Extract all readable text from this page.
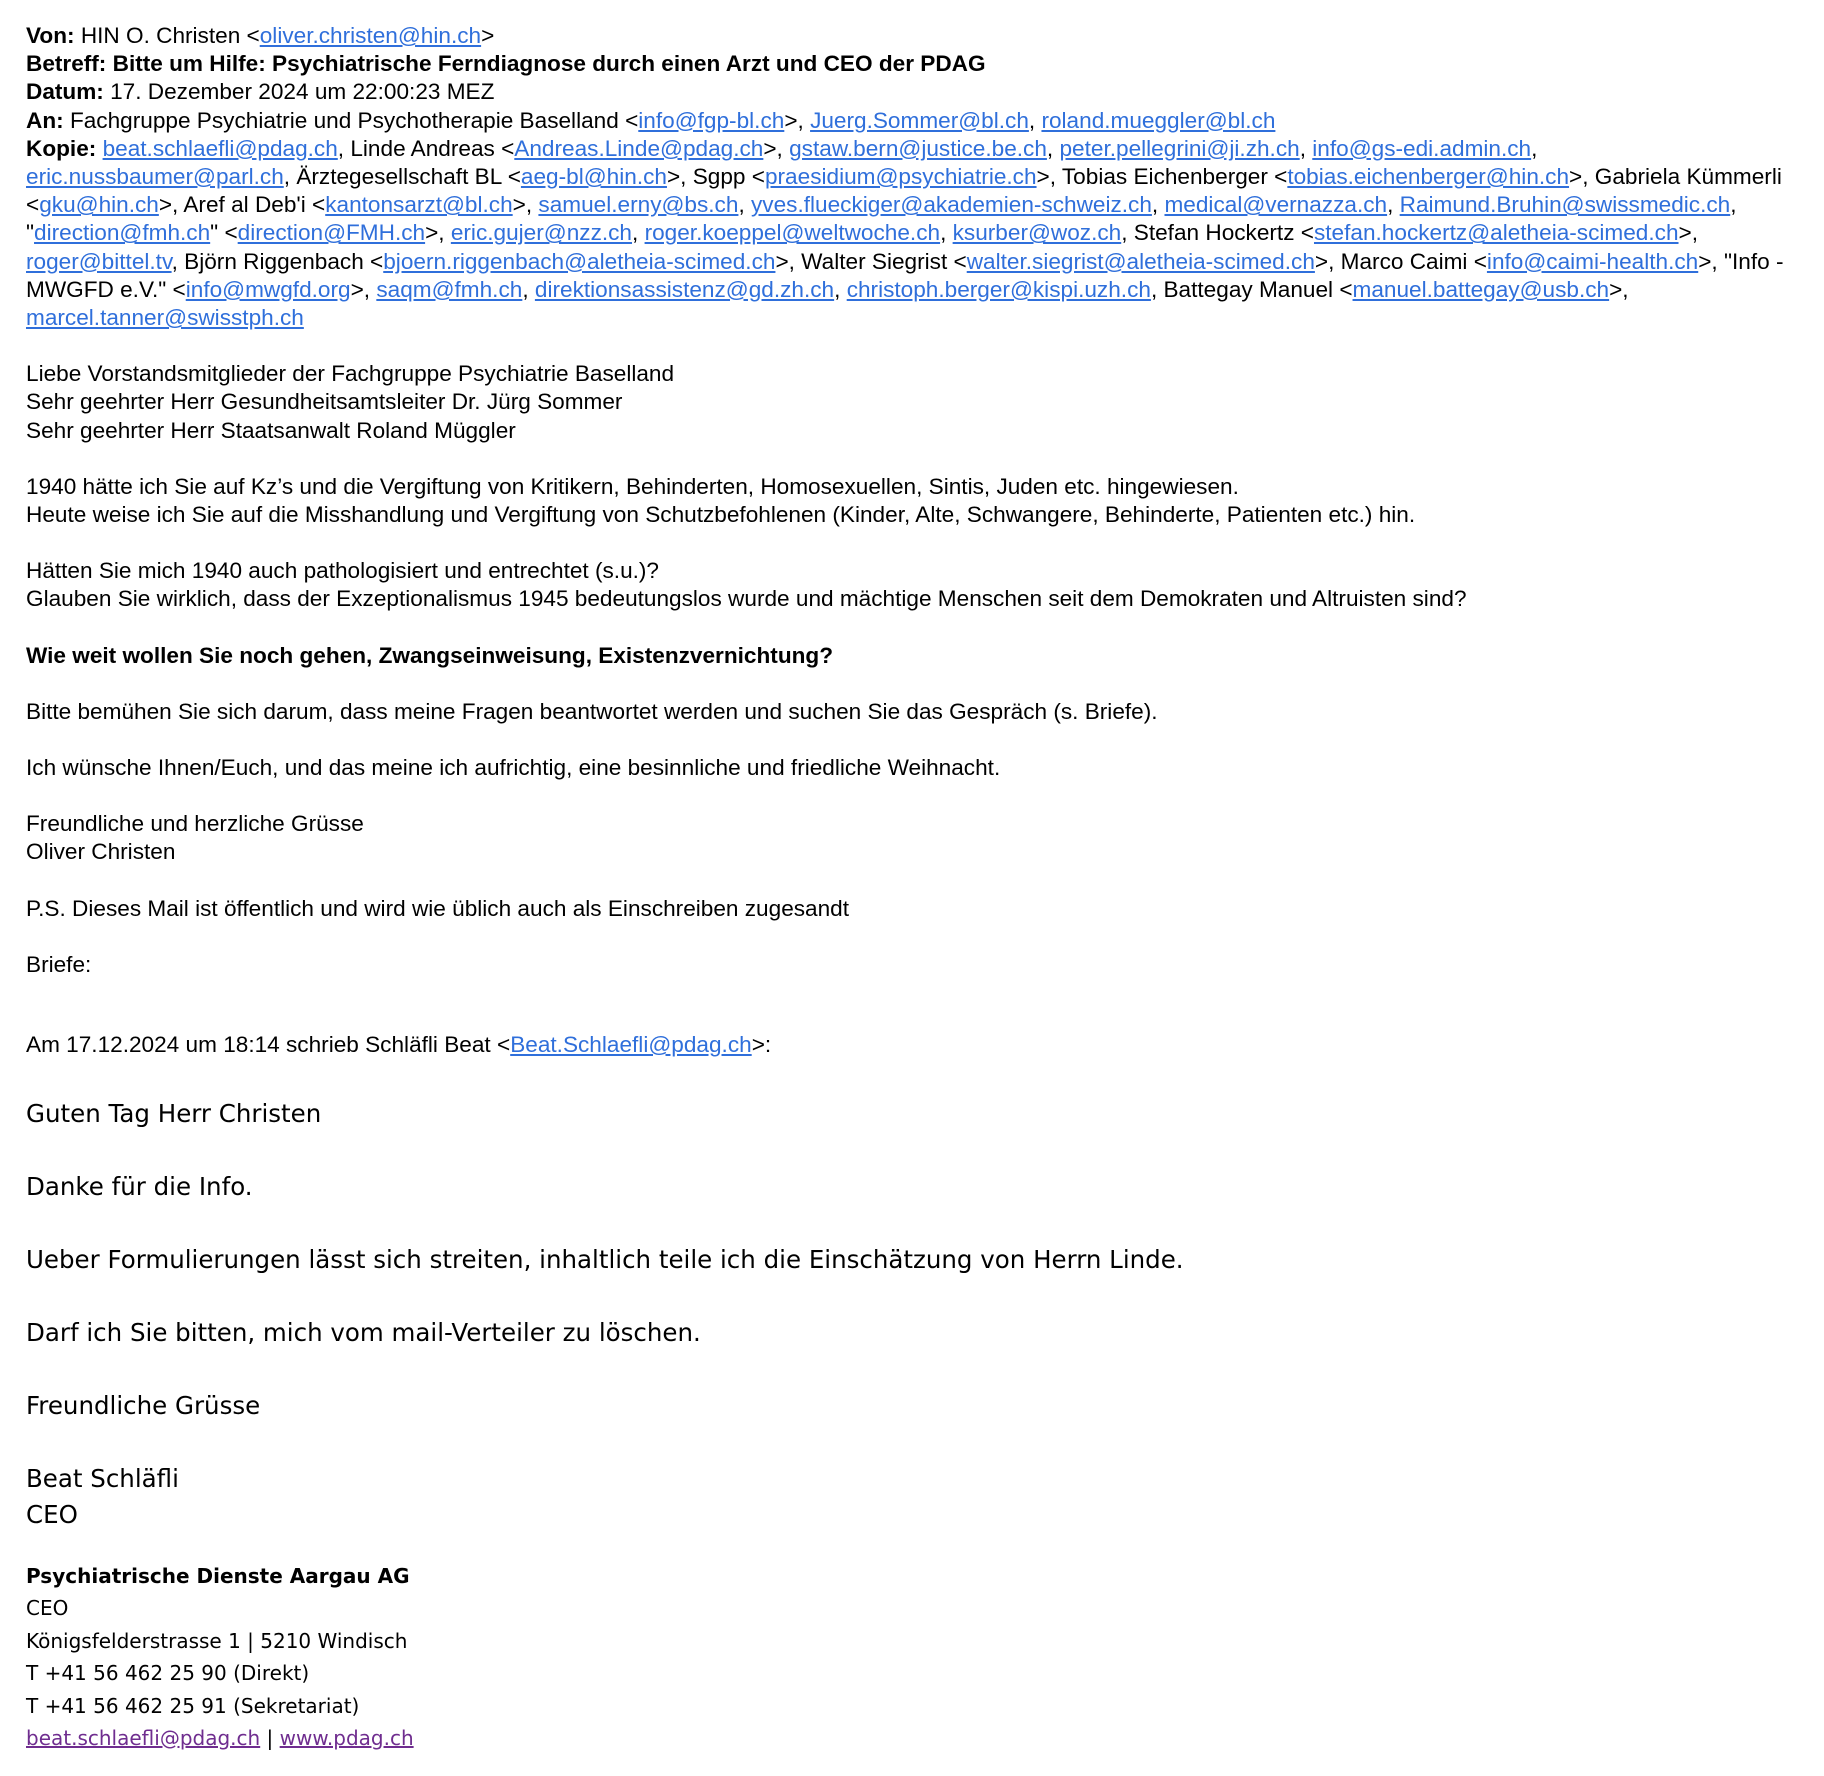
Von: HIN O. Christen <oliver.christen@hin.ch>
Betreff: Bitte um Hilfe: Psychiatrische Ferndiagnose durch einen Arzt und CEO der PDAG
Datum: 17. Dezember 2024 um 22:00:23 MEZ
An: Fachgruppe Psychiatrie und Psychotherapie Baselland <info@fgp-bl.ch>, Juerg.Sommer@bl.ch, roland.mueggler@bl.ch
Kopie: beat.schlaefli@pdag.ch, Linde Andreas <Andreas.Linde@pdag.ch>, gstaw.bern@justice.be.ch, peter.pellegrini@ji.zh.ch, info@gs-edi.admin.ch, eric.nussbaumer@parl.ch, Ärztegesellschaft BL <aeg-bl@hin.ch>, Sgpp <praesidium@psychiatrie.ch>, Tobias Eichenberger <tobias.eichenberger@hin.ch>, Gabriela Kümmerli <gku@hin.ch>, Aref al Deb'i <kantonsarzt@bl.ch>, samuel.erny@bs.ch, yves.flueckiger@akademien-schweiz.ch, medical@vernazza.ch, Raimund.Bruhin@swissmedic.ch, "direction@fmh.ch" <direction@FMH.ch>, eric.gujer@nzz.ch, roger.koeppel@weltwoche.ch, ksurber@woz.ch, Stefan Hockertz <stefan.hockertz@aletheia-scimed.ch>, roger@bittel.tv, Björn Riggenbach <bjoern.riggenbach@aletheia-scimed.ch>, Walter Siegrist <walter.siegrist@aletheia-scimed.ch>, Marco Caimi <info@caimi-health.ch>, "Info - MWGFD e.V." <info@mwgfd.org>, saqm@fmh.ch, direktionsassistenz@gd.zh.ch, christoph.berger@kispi.uzh.ch, Battegay Manuel <manuel.battegay@usb.ch>, marcel.tanner@swisstph.ch
Liebe Vorstandsmitglieder der Fachgruppe Psychiatrie Baselland
Sehr geehrter Herr Gesundheitsamtsleiter Dr. Jürg Sommer
Sehr geehrter Herr Staatsanwalt Roland Müggler
1940 hätte ich Sie auf Kz’s und die Vergiftung von Kritikern, Behinderten, Homosexuellen, Sintis, Juden etc. hingewiesen.
Heute weise ich Sie auf die Misshandlung und Vergiftung von Schutzbefohlenen (Kinder, Alte, Schwangere, Behinderte, Patienten etc.) hin.
Hätten Sie mich 1940 auch pathologisiert und entrechtet (s.u.)?
Glauben Sie wirklich, dass der Exzeptionalismus 1945 bedeutungslos wurde und mächtige Menschen seit dem Demokraten und Altruisten sind?
Wie weit wollen Sie noch gehen, Zwangseinweisung, Existenzvernichtung?
Bitte bemühen Sie sich darum, dass meine Fragen beantwortet werden und suchen Sie das Gespräch (s. Briefe).
Ich wünsche Ihnen/Euch, und das meine ich aufrichtig, eine besinnliche und friedliche Weihnacht.
Freundliche und herzliche Grüsse
Oliver Christen
P.S. Dieses Mail ist öffentlich und wird wie üblich auch als Einschreiben zugesandt
Briefe:
Am 17.12.2024 um 18:14 schrieb Schläfli Beat <Beat.Schlaefli@pdag.ch>:
Guten Tag Herr Christen
Danke für die Info.
Ueber Formulierungen lässt sich streiten, inhaltlich teile ich die Einschätzung von Herrn Linde.
Darf ich Sie bitten, mich vom mail-Verteiler zu löschen.
Freundliche Grüsse
Beat Schläfli
CEO
Psychiatrische Dienste Aargau AG
CEO
Königsfelderstrasse 1 | 5210 Windisch
T +41 56 462 25 90 (Direkt)
T +41 56 462 25 91 (Sekretariat)
beat.schlaefli@pdag.ch | www.pdag.ch
